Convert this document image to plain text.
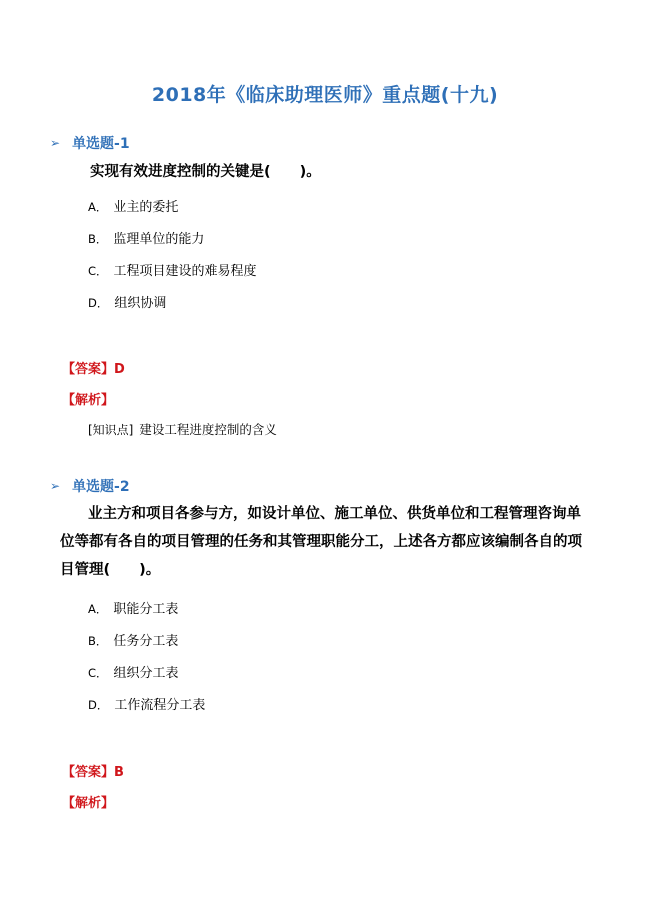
2018年《临床助理医师》重点题(十九)
➢ 单选题-1
实现有效进度控制的关键是(　　)。
A． 业主的委托
B． 监理单位的能力
C． 工程项目建设的难易程度
D． 组织协调
【答案】D
【解析】
[知识点] 建设工程进度控制的含义
➢ 单选题-2
业主方和项目各参与方，如设计单位、施工单位、供货单位和工程管理咨询单位等都有各自的项目管理的任务和其管理职能分工，上述各方都应该编制各自的项目管理(　　)。
A． 职能分工表
B． 任务分工表
C． 组织分工表
D． 工作流程分工表
【答案】B
【解析】
